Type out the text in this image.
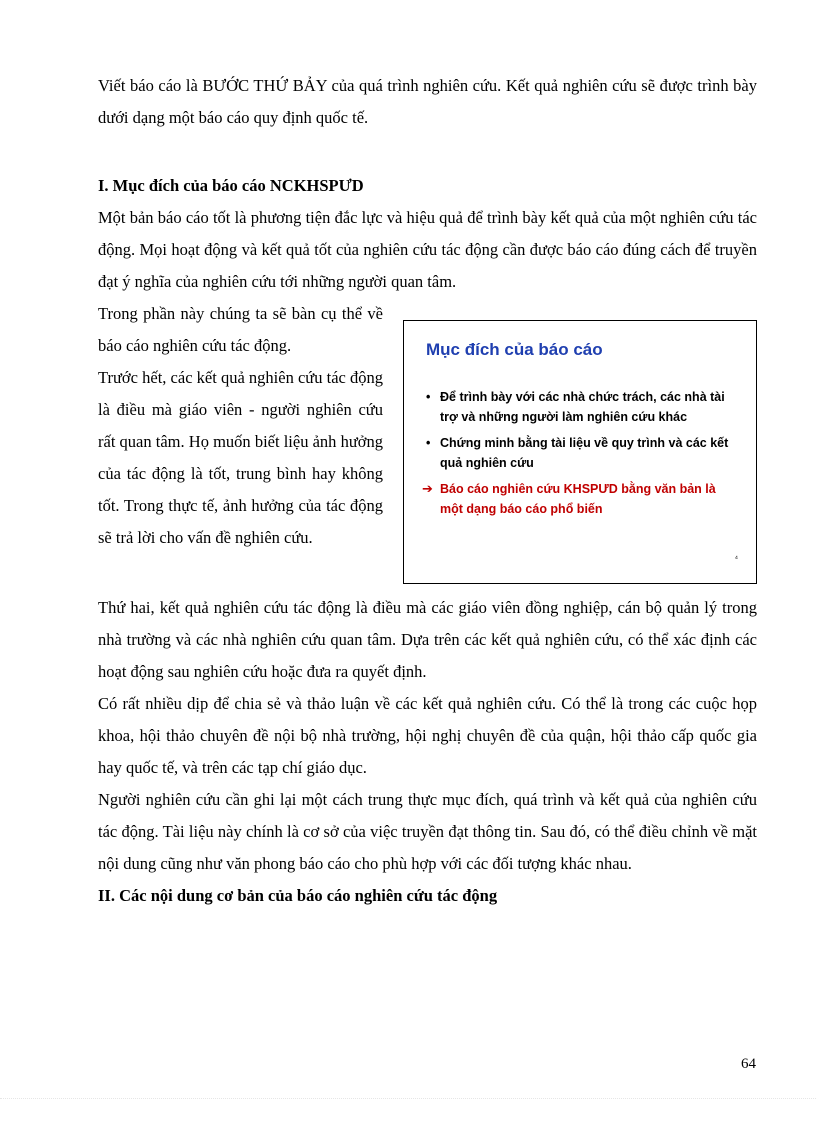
Viết báo cáo là BƯỚC THỨ BẢY của quá trình nghiên cứu. Kết quả nghiên cứu sẽ được trình bày dưới dạng một báo cáo quy định quốc tế.

I. Mục đích của báo cáo NCKHSPƯD

Một bản báo cáo tốt là phương tiện đắc lực và hiệu quả để trình bày kết quả của một nghiên cứu tác động. Mọi hoạt động và kết quả tốt của nghiên cứu tác động cần được báo cáo đúng cách để truyền đạt ý nghĩa của nghiên cứu tới những người quan tâm.

Mục đích của báo cáo
• Để trình bày với các nhà chức trách, các nhà tài trợ và những người làm nghiên cứu khác
• Chứng minh bằng tài liệu về quy trình và các kết quả nghiên cứu
➔ Báo cáo nghiên cứu KHSPƯD bằng văn bản là một dạng báo cáo phổ biến
⁴

Trong phần này chúng ta sẽ bàn cụ thể về báo cáo nghiên cứu tác động.

Trước hết, các kết quả nghiên cứu tác động là điều mà giáo viên - người nghiên cứu rất quan tâm. Họ muốn biết liệu ảnh hưởng của tác động là tốt, trung bình hay không tốt. Trong thực tế, ảnh hưởng của tác động sẽ trả lời cho vấn đề nghiên cứu.

Thứ hai, kết quả nghiên cứu tác động là điều mà các giáo viên đồng nghiệp, cán bộ quản lý trong nhà trường và các nhà nghiên cứu quan tâm. Dựa trên các kết quả nghiên cứu, có thể xác định các hoạt động sau nghiên cứu hoặc đưa ra quyết định.

Có rất nhiều dịp để chia sẻ và thảo luận về các kết quả nghiên cứu. Có thể là trong các cuộc họp khoa, hội thảo chuyên đề nội bộ nhà trường, hội nghị chuyên đề của quận, hội thảo cấp quốc gia hay quốc tế, và trên các tạp chí giáo dục.

Người nghiên cứu cần ghi lại một cách trung thực mục đích, quá trình và kết quả của nghiên cứu tác động. Tài liệu này chính là cơ sở của việc truyền đạt thông tin. Sau đó, có thể điều chỉnh về mặt nội dung cũng như văn phong báo cáo cho phù hợp với các đối tượng khác nhau.

II. Các nội dung cơ bản của báo cáo nghiên cứu tác động

64
